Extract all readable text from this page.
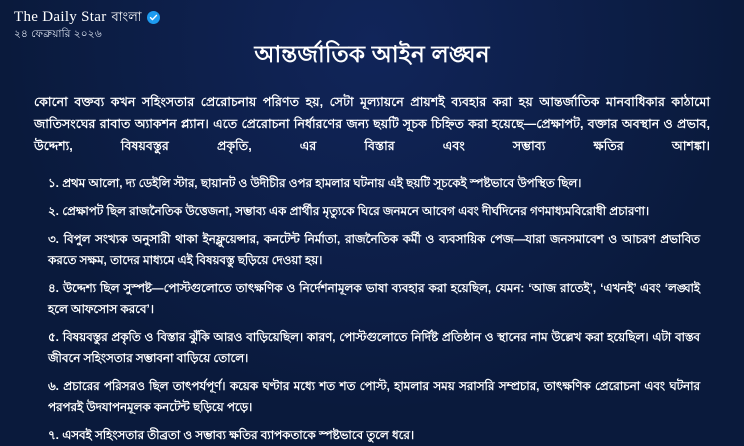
The Daily Star বাংলা
২৪ ফেব্রুয়ারি ২০২৬
আন্তর্জাতিক আইন লঙ্ঘন

কোনো বক্তব্য কখন সহিংসতার প্রেরোচনায় পরিণত হয়, সেটা মূল্যায়নে প্রায়শই ব্যবহার করা হয় আন্তর্জাতিক মানবাধিকার কাঠামো জাতিসংঘের রাবাত অ্যাকশন প্ল্যান। এতে প্রেরোচনা নির্ধারণের জন্য ছয়টি সূচক চিহ্নিত করা হয়েছে—প্রেক্ষাপট, বক্তার অবস্থান ও প্রভাব, উদ্দেশ্য, বিষয়বস্তুর প্রকৃতি, এর বিস্তার এবং সম্ভাব্য ক্ষতির আশঙ্কা।

১. প্রথম আলো, দ্য ডেইলি স্টার, ছায়ানট ও উদীচীর ওপর হামলার ঘটনায় এই ছয়টি সূচকেই স্পষ্টভাবে উপস্থিত ছিল।
২. প্রেক্ষাপট ছিল রাজনৈতিক উত্তেজনা, সম্ভাব্য এক প্রার্থীর মৃত্যুকে ঘিরে জনমনে আবেগ এবং দীর্ঘদিনের গণমাধ্যমবিরোধী প্রচারণা।
৩. বিপুল সংখ্যক অনুসারী থাকা ইনফ্লুয়েন্সার, কনটেন্ট নির্মাতা, রাজনৈতিক কর্মী ও ব্যবসায়িক পেজ—যারা জনসমাবেশ ও আচরণ প্রভাবিত করতে সক্ষম, তাদের মাধ্যমে এই বিষয়বস্তু ছড়িয়ে দেওয়া হয়।
৪. উদ্দেশ্য ছিল সুস্পষ্ট—পোস্টগুলোতে তাৎক্ষণিক ও নির্দেশনামূলক ভাষা ব্যবহার করা হয়েছিল, যেমন: ‘আজ রাতেই’, ‘এখনই’ এবং ‘লঙ্ঘাই হলে আফসোস করবে’।
৫. বিষয়বস্তুর প্রকৃতি ও বিস্তার ঝুঁকি আরও বাড়িয়েছিল। কারণ, পোস্টগুলোতে নির্দিষ্ট প্রতিষ্ঠান ও স্থানের নাম উল্লেখ করা হয়েছিল। এটা বাস্তব জীবনে সহিংসতার সম্ভাবনা বাড়িয়ে তোলে।
৬. প্রচারের পরিসরও ছিল তাৎপর্যপূর্ণ। কয়েক ঘণ্টার মধ্যে শত শত পোস্ট, হামলার সময় সরাসরি সম্প্রচার, তাৎক্ষণিক প্রেরোচনা এবং ঘটনার পরপরই উদযাপনমূলক কনটেন্ট ছড়িয়ে পড়ে।
৭. এসবই সহিংসতার তীব্রতা ও সম্ভাব্য ক্ষতির ব্যাপকতাকে স্পষ্টভাবে তুলে ধরে।
